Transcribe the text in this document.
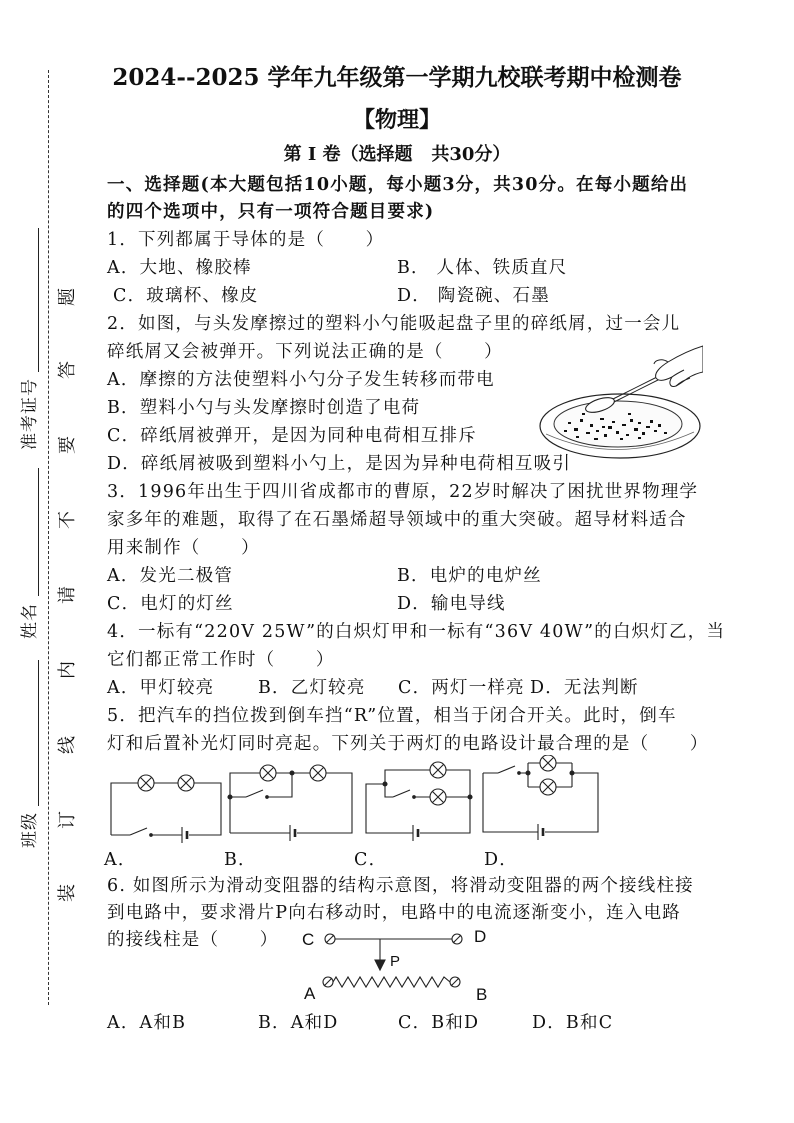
准考证号
姓名
班级
装
订
线
内
请
不
要
答
题
2024--2025 学年九年级第一学期九校联考期中检测卷
【物理】
第 I 卷（选择题   共30分）
一、选择题(本大题包括10小题，每小题3分，共30分。在每小题给出
的四个选项中，只有一项符合题目要求)
1．下列都属于导体的是（      ）
A．大地、橡胶棒	B． 人体、铁质直尺
C．玻璃杯、橡皮	D． 陶瓷碗、石墨
2．如图，与头发摩擦过的塑料小勺能吸起盘子里的碎纸屑，过一会儿
碎纸屑又会被弹开。下列说法正确的是（      ）
A．摩擦的方法使塑料小勺分子发生转移而带电
B．塑料小勺与头发摩擦时创造了电荷
C．碎纸屑被弹开，是因为同种电荷相互排斥
D．碎纸屑被吸到塑料小勺上，是因为异种电荷相互吸引
3．1996年出生于四川省成都市的曹原，22岁时解决了困扰世界物理学
家多年的难题，取得了在石墨烯超导领域中的重大突破。超导材料适合
用来制作（      ）
A．发光二极管	B．电炉的电炉丝
C．电灯的灯丝	D．输电导线
4．一标有“220V 25W”的白炽灯甲和一标有“36V 40W”的白炽灯乙，当
它们都正常工作时（      ）
A．甲灯较亮 B．乙灯较亮 C．两灯一样亮 D．无法判断
5．把汽车的挡位拨到倒车挡“R”位置，相当于闭合开关。此时，倒车
灯和后置补光灯同时亮起。下列关于两灯的电路设计最合理的是（      ）
A．	B．	C．	D．
6. 如图所示为滑动变阻器的结构示意图，将滑动变阻器的两个接线柱接
到电路中，要求滑片P向右移动时，电路中的电流逐渐变小，连入电路
的接线柱是（      ） C	D
P
A	B
A．A和B	B．A和D	C．B和D	D．B和C
